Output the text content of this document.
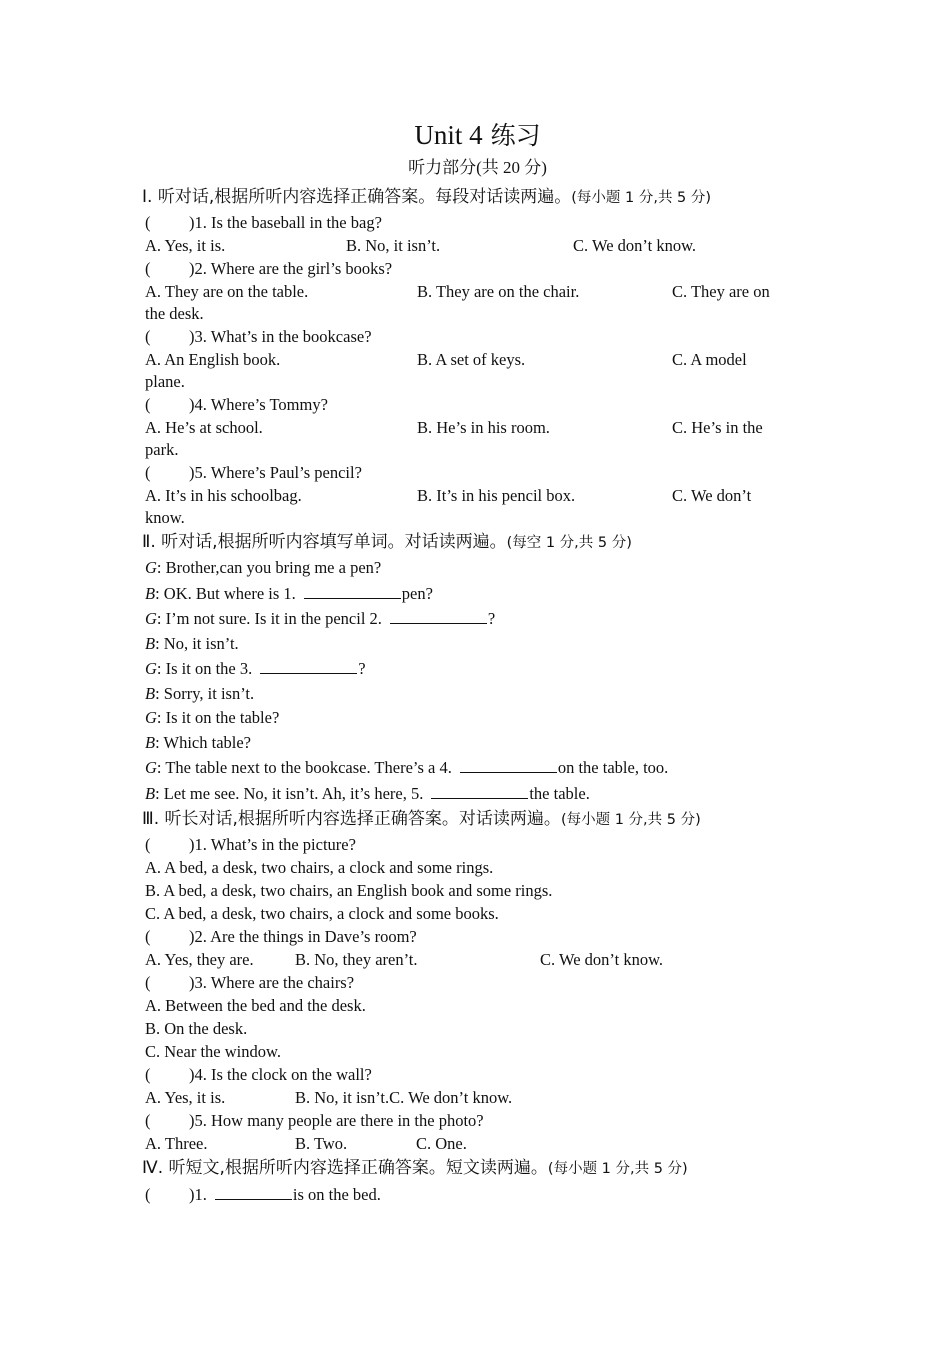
Unit 4 练习
听力部分(共 20 分)
Ⅰ. 听对话,根据所听内容选择正确答案。每段对话读两遍。(每小题 1 分,共 5 分)
( )1. Is the baseball in the bag?
A. Yes, it is.	B. No, it isn’t.	C. We don’t know.
( )2. Where are the girl’s books?
A. They are on the table.	B. They are on the chair.	C. They are on
the desk.
( )3. What’s in the bookcase?
A. An English book.	B. A set of keys.	C. A model
plane.
( )4. Where’s Tommy?
A. He’s at school.	B. He’s in his room.	C. He’s in the
park.
( )5. Where’s Paul’s pencil?
A. It’s in his schoolbag.	B. It’s in his pencil box.	C. We don’t
know.
Ⅱ. 听对话,根据所听内容填写单词。对话读两遍。(每空 1 分,共 5 分)
G: Brother,can you bring me a pen?
B: OK. But where is 1.	pen?
G: I’m not sure. Is it in the pencil 2.	?
B: No, it isn’t.
G: Is it on the 3.	?
B: Sorry, it isn’t.
G: Is it on the table?
B: Which table?
G: The table next to the bookcase. There’s a 4.	on the table, too.
B: Let me see. No, it isn’t. Ah, it’s here, 5.	the table.
Ⅲ. 听长对话,根据所听内容选择正确答案。对话读两遍。(每小题 1 分,共 5 分)
( )1. What’s in the picture?
A. A bed, a desk, two chairs, a clock and some rings.
B. A bed, a desk, two chairs, an English book and some rings.
C. A bed, a desk, two chairs, a clock and some books.
( )2. Are the things in Dave’s room?
A. Yes, they are.	B. No, they aren’t.	C. We don’t know.
( )3. Where are the chairs?
A. Between the bed and the desk.
B. On the desk.
C. Near the window.
( )4. Is the clock on the wall?
A. Yes, it is.	B. No, it isn’t.C. We don’t know.
( )5. How many people are there in the photo?
A. Three.	B. Two.	C. One.
Ⅳ. 听短文,根据所听内容选择正确答案。短文读两遍。(每小题 1 分,共 5 分)
( )1.	is on the bed.
